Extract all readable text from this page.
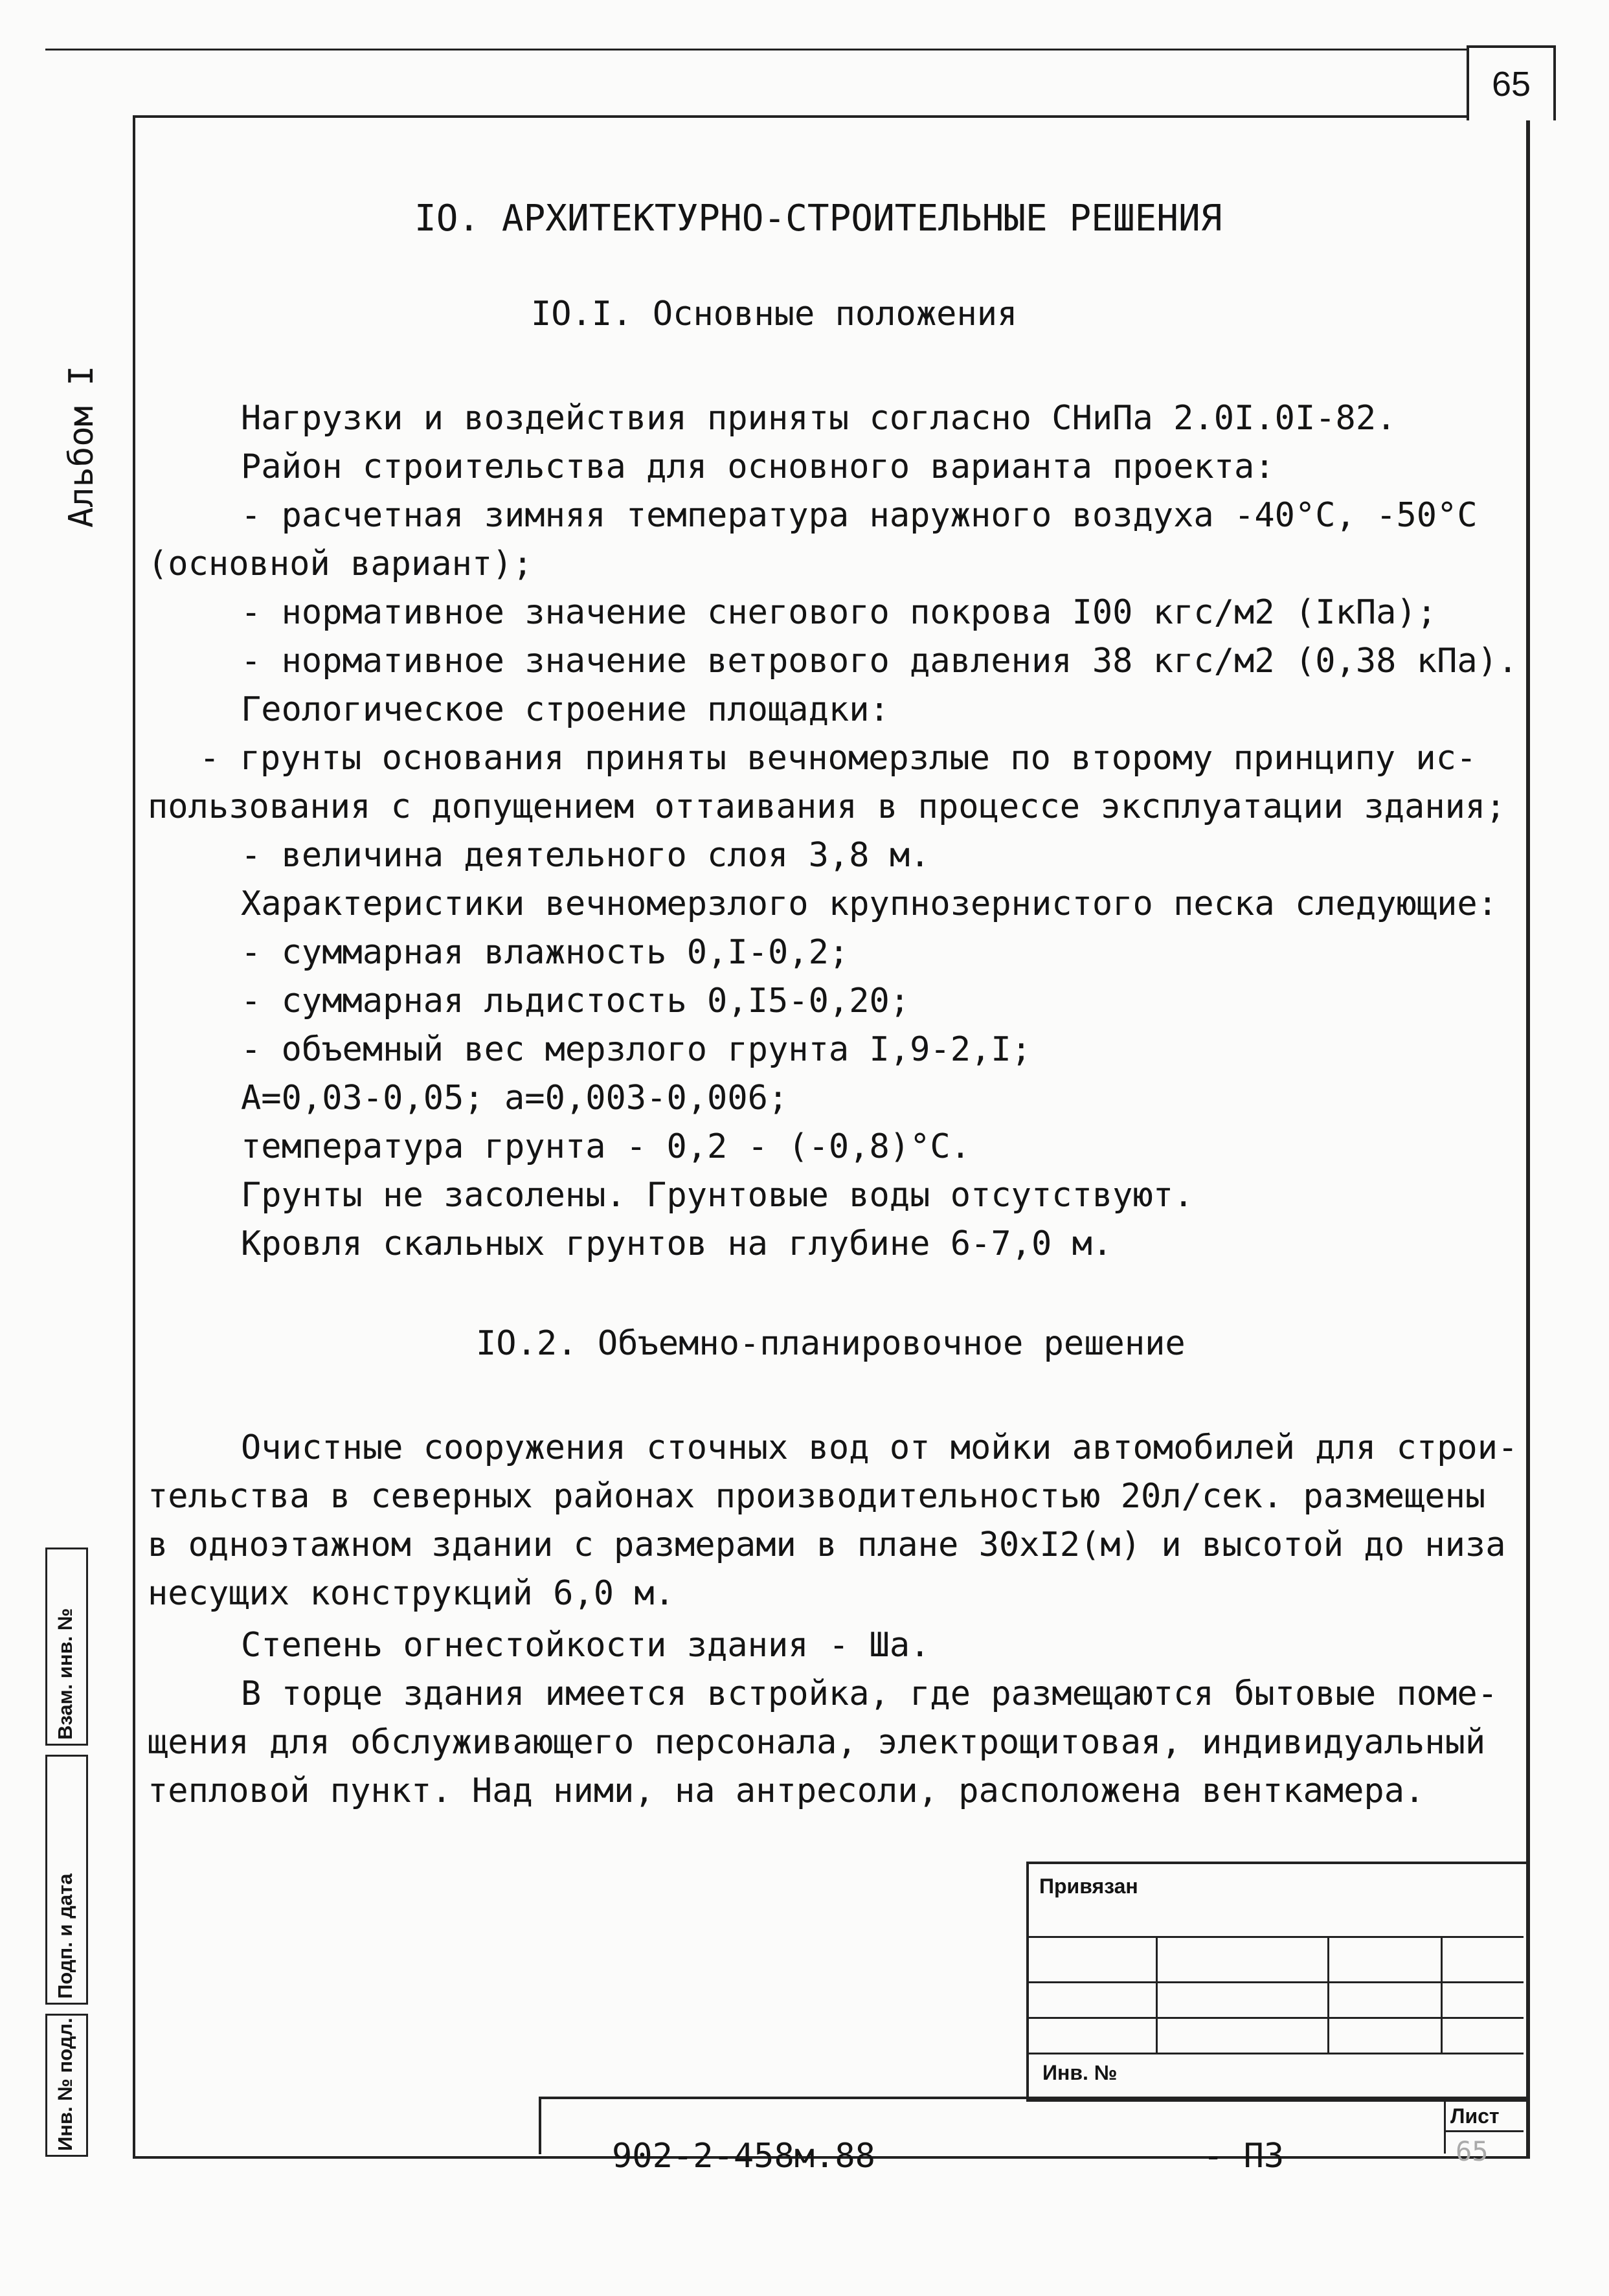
65
Альбом I
IO. АРХИТЕКТУРНО-СТРОИТЕЛЬНЫЕ РЕШЕНИЯ
IO.I. Основные положения
Нагрузки и воздействия приняты согласно СНиПа 2.0I.0I-82.
Район строительства для основного варианта проекта:
- расчетная зимняя температура наружного воздуха -40°С, -50°С
(основной вариант);
- нормативное значение снегового покрова I00 кгс/м2 (IкПа);
- нормативное значение ветрового давления 38 кгс/м2 (0,38 кПа).
Геологическое строение площадки:
- грунты основания приняты вечномерзлые по второму принципу ис-
пользования с допущением оттаивания в процессе эксплуатации здания;
- величина деятельного слоя 3,8 м.
Характеристики вечномерзлого крупнозернистого песка следующие:
- суммарная влажность 0,I-0,2;
- суммарная льдистость 0,I5-0,20;
- объемный вес мерзлого грунта I,9-2,I;
А=0,03-0,05; а=0,003-0,006;
температура грунта - 0,2 - (-0,8)°С.
Грунты не засолены. Грунтовые воды отсутствуют.
Кровля скальных грунтов на глубине 6-7,0 м.
IO.2. Объемно-планировочное решение
Очистные сооружения сточных вод от мойки автомобилей для строи-
тельства в северных районах производительностью 20л/сек. размещены
в одноэтажном здании с размерами в плане 30xI2(м) и высотой до низа
несущих конструкций 6,0 м.
Степень огнестойкости здания - Ша.
В торце здания имеется встройка, где размещаются бытовые поме-
щения для обслуживающего персонала, электрощитовая, индивидуальный
тепловой пункт. Над ними, на антресоли, расположена венткамера.
Привязан
Инв. №
902-2-458м.88	- ПЗ
Лист
65
Взам. инв. №
Подп. и дата
Инв. № подл.
